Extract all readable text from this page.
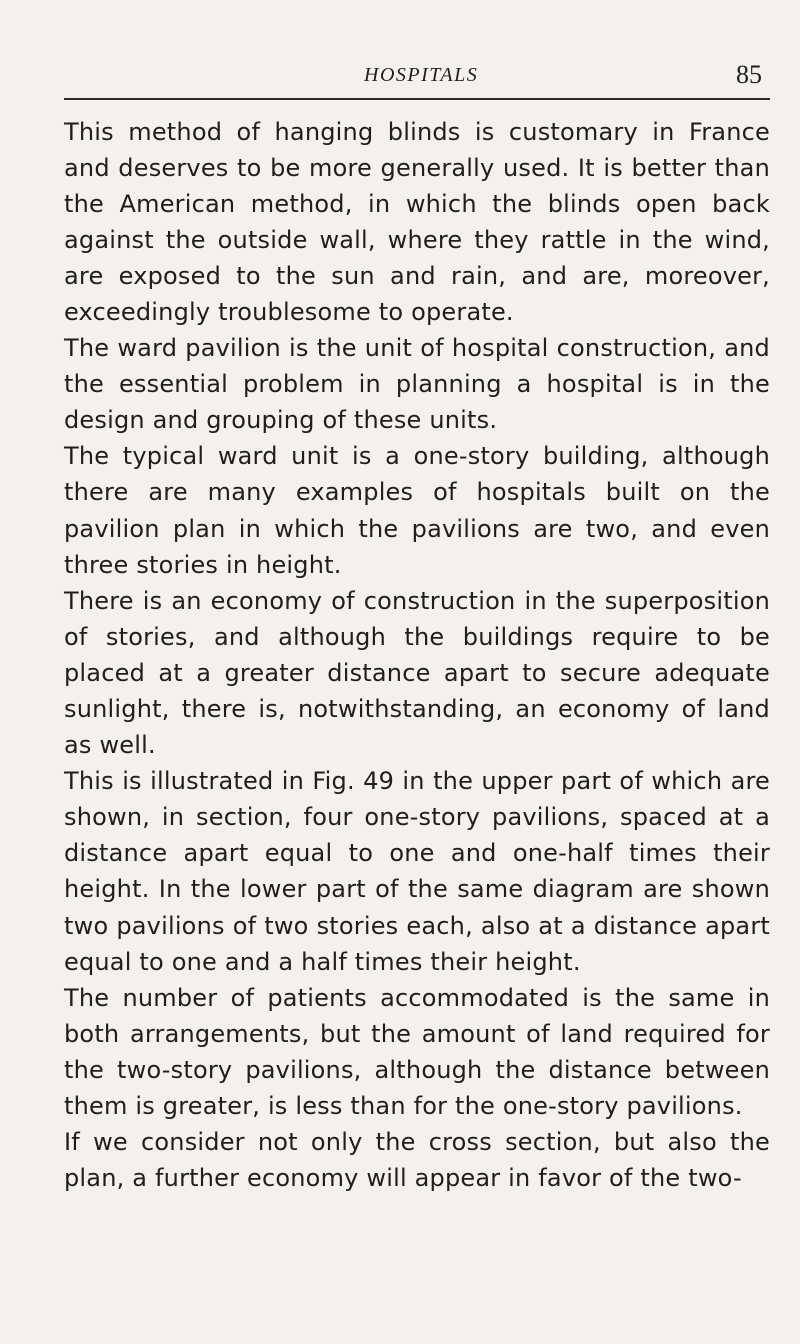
HOSPITALS	85

This method of hanging blinds is customary in France and deserves to be more generally used. It is better than the American method, in which the blinds open back against the outside wall, where they rattle in the wind, are exposed to the sun and rain, and are, moreover, exceedingly troublesome to operate.

The ward pavilion is the unit of hospital construction, and the essential problem in planning a hospital is in the design and grouping of these units.

The typical ward unit is a one-story building, although there are many examples of hospitals built on the pavilion plan in which the pavilions are two, and even three stories in height.

There is an economy of construction in the superposition of stories, and although the buildings require to be placed at a greater distance apart to secure adequate sunlight, there is, notwithstanding, an economy of land as well.

This is illustrated in Fig. 49 in the upper part of which are shown, in section, four one-story pavilions, spaced at a distance apart equal to one and one-half times their height. In the lower part of the same diagram are shown two pavilions of two stories each, also at a distance apart equal to one and a half times their height.

The number of patients accommodated is the same in both arrangements, but the amount of land required for the two-story pavilions, although the distance between them is greater, is less than for the one-story pavilions.

If we consider not only the cross section, but also the plan, a further economy will appear in favor of the two-
